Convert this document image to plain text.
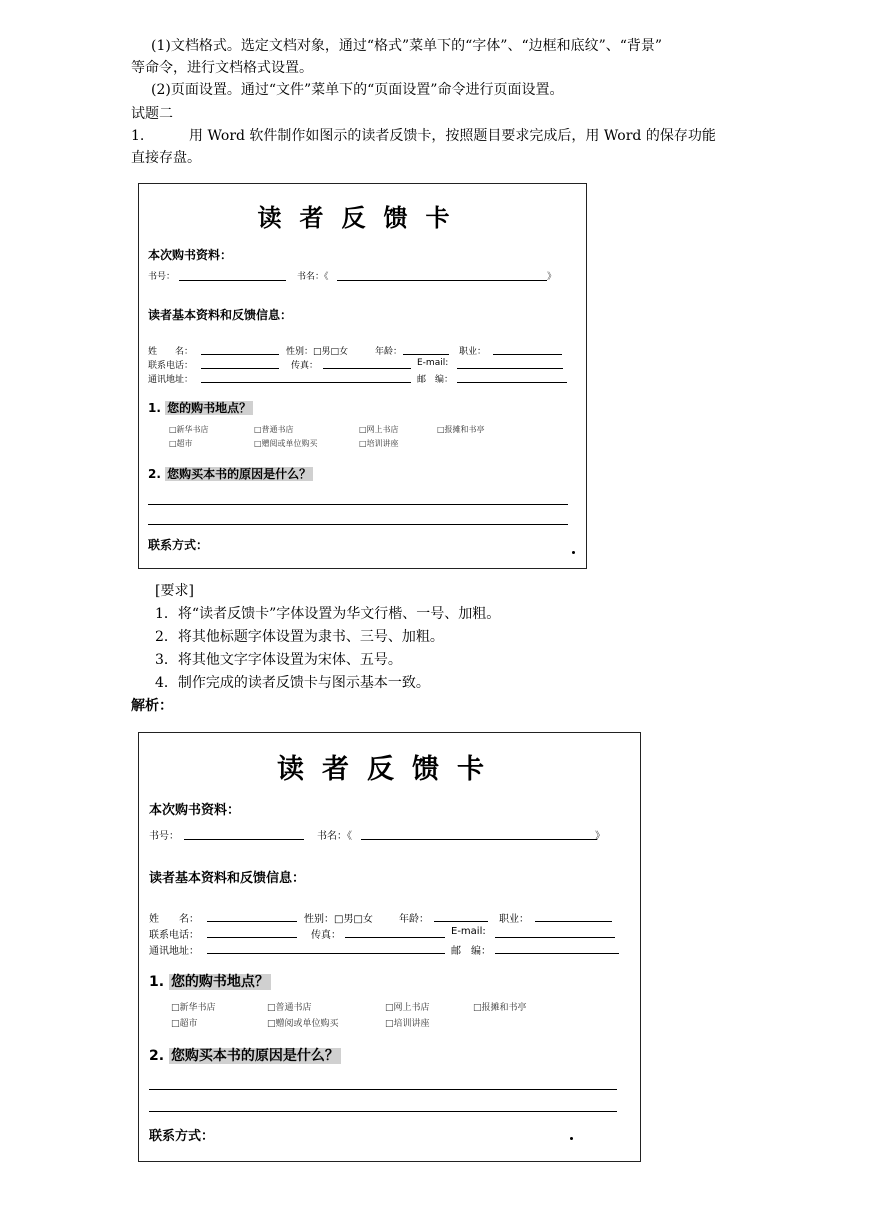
(1)文档格式。选定文档对象，通过“格式”菜单下的“字体”、“边框和底纹”、“背景”
等命令，进行文档格式设置。
(2)页面设置。通过“文件”菜单下的“页面设置”命令进行页面设置。
试题二
1.	用 Word 软件制作如图示的读者反馈卡，按照题目要求完成后，用 Word 的保存功能
直接存盘。
读者反馈卡
本次购书资料：
书号：	书名：《	》
读者基本资料和反馈信息：
姓　　名：	性别：□男□女	年龄：	职业：
联系电话：	传真：	E-mail:
通讯地址：	邮　编：
1. 您的购书地点？
□新华书店	□普通书店	□网上书店	□报摊和书亭
□超市	□赠阅或单位购买	□培训讲座
2. 您购买本书的原因是什么？
联系方式：
[要求]
1．将“读者反馈卡”字体设置为华文行楷、一号、加粗。
2．将其他标题字体设置为隶书、三号、加粗。
3．将其他文字字体设置为宋体、五号。
4．制作完成的读者反馈卡与图示基本一致。
解析：
读者反馈卡
本次购书资料：
书号：	书名：《	》
读者基本资料和反馈信息：
姓　　名：	性别：□男□女	年龄：	职业：
联系电话：	传真：	E-mail:
通讯地址：	邮　编：
1. 您的购书地点？
□新华书店	□普通书店	□网上书店	□报摊和书亭
□超市	□赠阅或单位购买	□培训讲座
2. 您购买本书的原因是什么？
联系方式：
